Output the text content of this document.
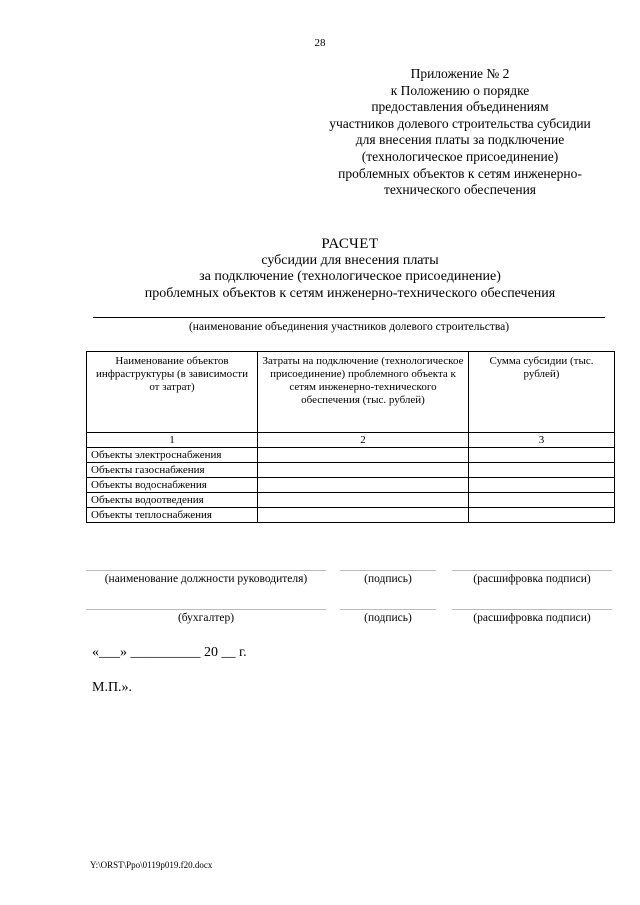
28
Приложение № 2
к Положению о порядке
предоставления объединениям
участников долевого строительства субсидии
для внесения платы за подключение
(технологическое присоединение)
проблемных объектов к сетям инженерно-
технического обеспечения
РАСЧЕТ
субсидии для внесения платы
за подключение (технологическое присоединение)
проблемных объектов к сетям инженерно-технического обеспечения
(наименование объединения участников долевого строительства)
Наименование объектов инфраструктуры (в зависимости от затрат)	Затраты на подключение (технологическое присоединение) проблемного объекта к сетям инженерно-технического обеспечения (тыс. рублей)	Сумма субсидии (тыс. рублей)
1	2	3
Объекты электроснабжения		
Объекты газоснабжения		
Объекты водоснабжения		
Объекты водоотведения		
Объекты теплоснабжения		
(наименование должности руководителя)	(подпись)	(расшифровка подписи)
(бухгалтер)	(подпись)	(расшифровка подписи)
«___» __________ 20 __ г.
М.П.».
Y:\ORST\Ppo\0119p019.f20.docx
